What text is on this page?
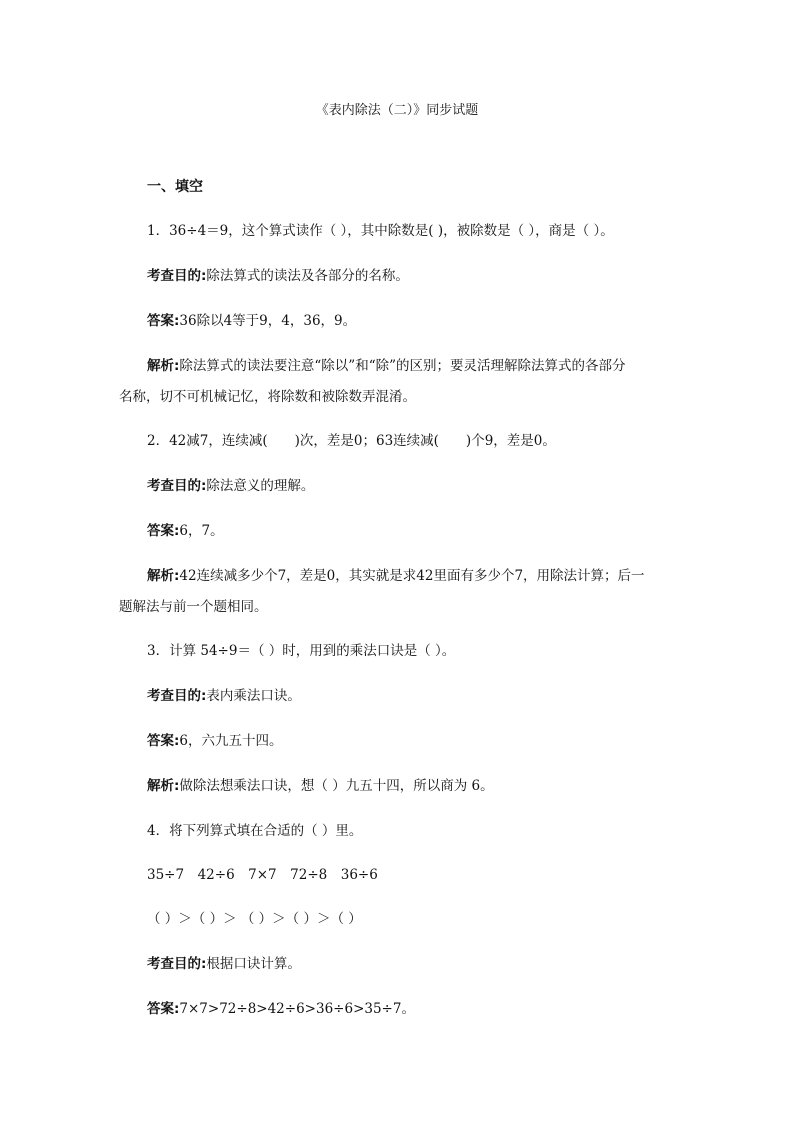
《表内除法（二）》同步试题
一、填空
1．36÷4＝9，这个算式读作（ ），其中除数是( )，被除数是（ ），商是（ ）。
考查目的:除法算式的读法及各部分的名称。
答案:36除以4等于9，4，36，9。
解析:除法算式的读法要注意“除以”和“除”的区别；要灵活理解除法算式的各部分
名称，切不可机械记忆，将除数和被除数弄混淆。
2．42减7，连续减(　　)次，差是0；63连续减(　　)个9，差是0。
考查目的:除法意义的理解。
答案:6，7。
解析:42连续减多少个7，差是0，其实就是求42里面有多少个7，用除法计算；后一
题解法与前一个题相同。
3．计算 54÷9＝（ ）时，用到的乘法口诀是（ ）。
考查目的:表内乘法口诀。
答案:6，六九五十四。
解析:做除法想乘法口诀，想（ ）九五十四，所以商为 6。
4．将下列算式填在合适的（ ）里。
35÷7　42÷6　7×7　72÷8　36÷6
（ ）＞（ ）＞ （ ）＞（ ）＞（ ）
考查目的:根据口诀计算。
答案:7×7>72÷8>42÷6>36÷6>35÷7。
